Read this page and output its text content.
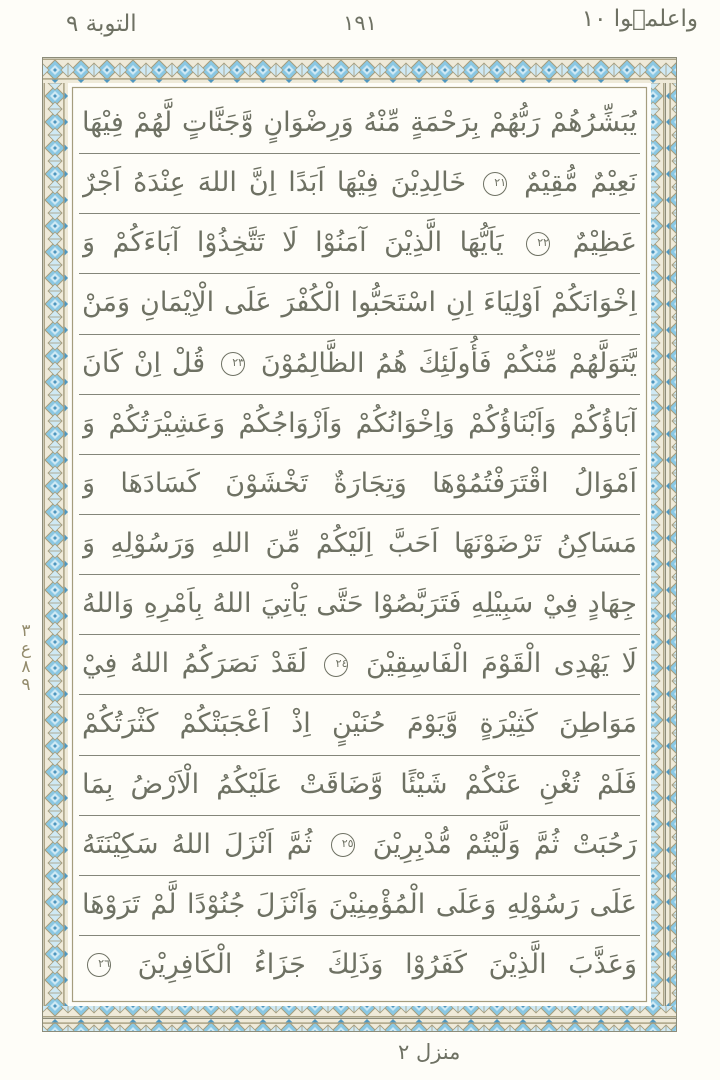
واعلمۤوا ١٠
١٩١
التوبة ٩
يُبَشِّرُهُمْ رَبُّهُمْ بِرَحْمَةٍ مِّنْهُ وَرِضْوَانٍ وَّجَنَّاتٍ لَّهُمْ فِيْهَا
نَعِيْمٌ مُّقِيْمٌ ٢١ خَالِدِيْنَ فِيْهَا اَبَدًا اِنَّ اللهَ عِنْدَهُ اَجْرٌ
عَظِيْمٌ ٢٢ يَاَيُّهَا الَّذِيْنَ آمَنُوْا لَا تَتَّخِذُوْا آبَاءَكُمْ وَ
اِخْوَانَكُمْ اَوْلِيَاءَ اِنِ اسْتَحَبُّوا الْكُفْرَ عَلَى الْاِيْمَانِ وَمَنْ
يَّتَوَلَّهُمْ مِّنْكُمْ فَأُولَئِكَ هُمُ الظَّالِمُوْنَ ٢٣ قُلْ اِنْ كَانَ
آبَاؤُكُمْ وَاَبْنَاؤُكُمْ وَاِخْوَانُكُمْ وَاَزْوَاجُكُمْ وَعَشِيْرَتُكُمْ وَ
اَمْوَالُ اقْتَرَفْتُمُوْهَا وَتِجَارَةٌ تَخْشَوْنَ كَسَادَهَا وَ
مَسَاكِنُ تَرْضَوْنَهَا اَحَبَّ اِلَيْكُمْ مِّنَ اللهِ وَرَسُوْلِهِ وَ
جِهَادٍ فِيْ سَبِيْلِهِ فَتَرَبَّصُوْا حَتَّى يَاْتِيَ اللهُ بِاَمْرِهِ وَاللهُ
لَا يَهْدِى الْقَوْمَ الْفَاسِقِيْنَ ٢٤ لَقَدْ نَصَرَكُمُ اللهُ فِيْ
مَوَاطِنَ كَثِيْرَةٍ وَّيَوْمَ حُنَيْنٍ اِذْ اَعْجَبَتْكُمْ كَثْرَتُكُمْ
فَلَمْ تُغْنِ عَنْكُمْ شَيْئًا وَّضَاقَتْ عَلَيْكُمُ الْاَرْضُ بِمَا
رَحُبَتْ ثُمَّ وَلَّيْتُمْ مُّدْبِرِيْنَ ٢٥ ثُمَّ اَنْزَلَ اللهُ سَكِيْنَتَهُ
عَلَى رَسُوْلِهِ وَعَلَى الْمُؤْمِنِيْنَ وَاَنْزَلَ جُنُوْدًا لَّمْ تَرَوْهَا
وَعَذَّبَ الَّذِيْنَ كَفَرُوْا وَذَلِكَ جَزَاءُ الْكَافِرِيْنَ ٢٦
٣
ع
٨
٩
منزل ٢
